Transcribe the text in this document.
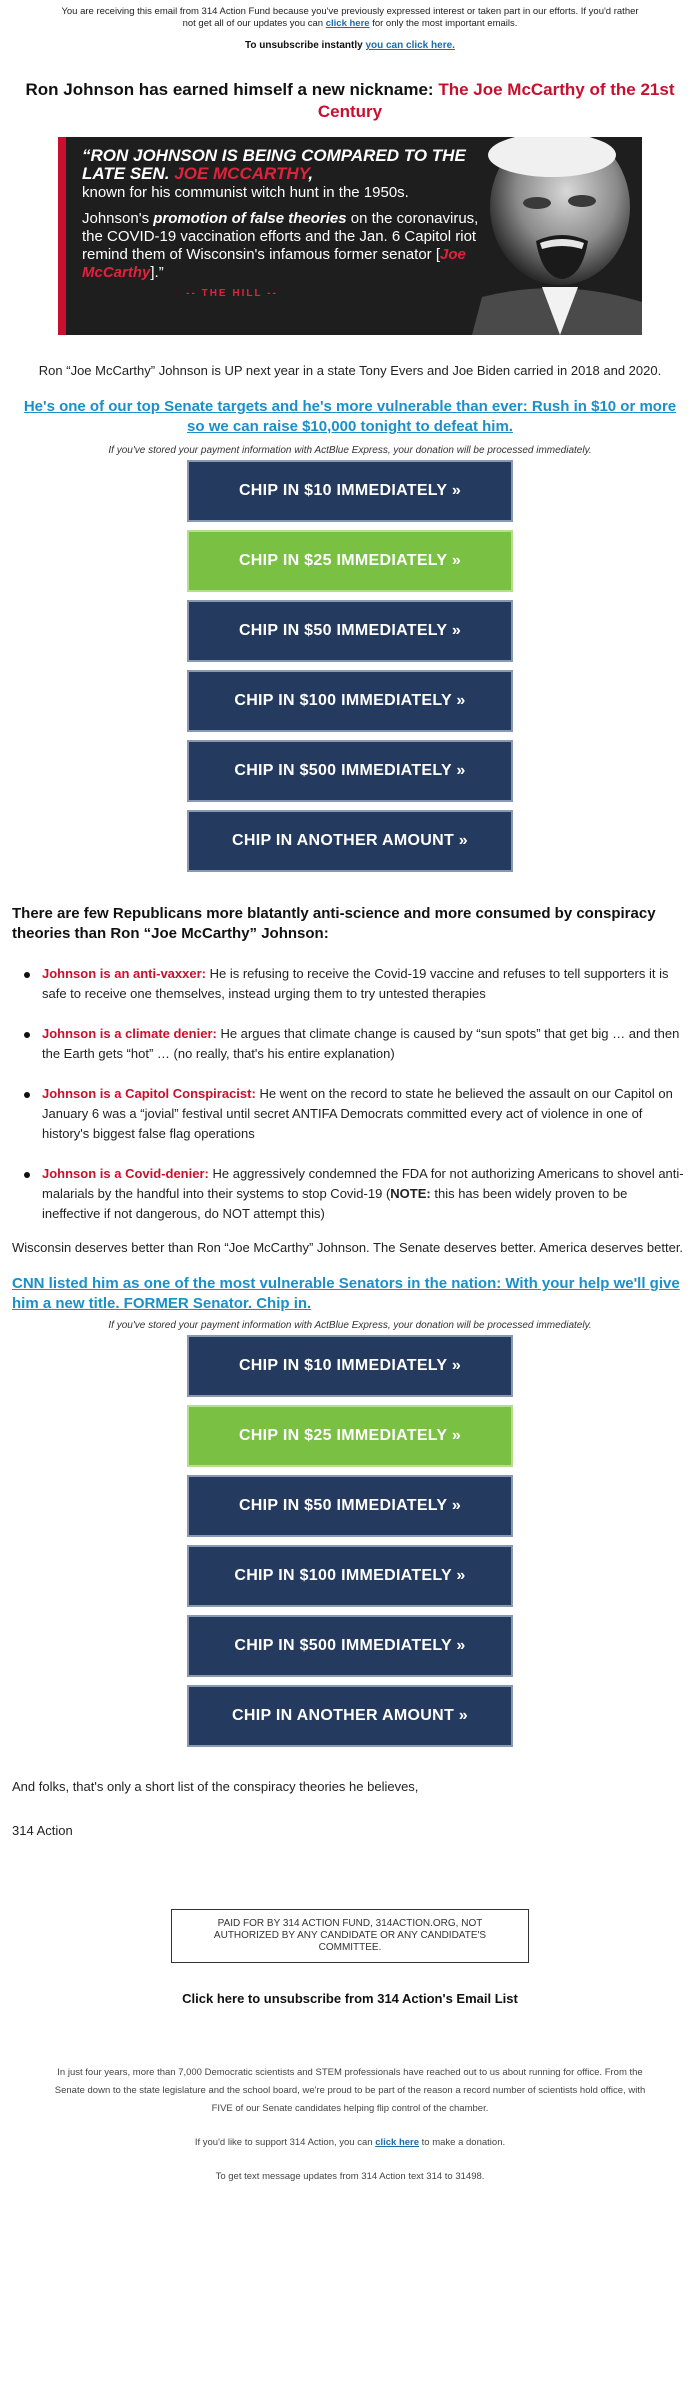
You are receiving this email from 314 Action Fund because you've previously expressed interest or taken part in our efforts. If you'd rather not get all of our updates you can click here for only the most important emails.
To unsubscribe instantly you can click here.
Ron Johnson has earned himself a new nickname: The Joe McCarthy of the 21st Century
“RON JOHNSON IS BEING COMPARED TO THE LATE SEN. JOE MCCARTHY,
known for his communist witch hunt in the 1950s.
Johnson's promotion of false theories on the coronavirus, the COVID-19 vaccination efforts and the Jan. 6 Capitol riot remind them of Wisconsin's infamous former senator [Joe McCarthy].”
-- THE HILL --
Ron “Joe McCarthy” Johnson is UP next year in a state Tony Evers and Joe Biden carried in 2018 and 2020.
He's one of our top Senate targets and he's more vulnerable than ever: Rush in $10 or more so we can raise $10,000 tonight to defeat him.
If you've stored your payment information with ActBlue Express, your donation will be processed immediately.
CHIP IN $10 IMMEDIATELY »
CHIP IN $25 IMMEDIATELY »
CHIP IN $50 IMMEDIATELY »
CHIP IN $100 IMMEDIATELY »
CHIP IN $500 IMMEDIATELY »
CHIP IN ANOTHER AMOUNT »
There are few Republicans more blatantly anti-science and more consumed by conspiracy theories than Ron “Joe McCarthy” Johnson:
Johnson is an anti-vaxxer: He is refusing to receive the Covid-19 vaccine and refuses to tell supporters it is safe to receive one themselves, instead urging them to try untested therapies
Johnson is a climate denier: He argues that climate change is caused by “sun spots” that get big … and then the Earth gets “hot” … (no really, that's his entire explanation)
Johnson is a Capitol Conspiracist: He went on the record to state he believed the assault on our Capitol on January 6 was a “jovial” festival until secret ANTIFA Democrats committed every act of violence in one of history's biggest false flag operations
Johnson is a Covid-denier: He aggressively condemned the FDA for not authorizing Americans to shovel anti-malarials by the handful into their systems to stop Covid-19 (NOTE: this has been widely proven to be ineffective if not dangerous, do NOT attempt this)
Wisconsin deserves better than Ron “Joe McCarthy” Johnson. The Senate deserves better. America deserves better.
CNN listed him as one of the most vulnerable Senators in the nation: With your help we'll give him a new title. FORMER Senator. Chip in.
If you've stored your payment information with ActBlue Express, your donation will be processed immediately.
CHIP IN $10 IMMEDIATELY »
CHIP IN $25 IMMEDIATELY »
CHIP IN $50 IMMEDIATELY »
CHIP IN $100 IMMEDIATELY »
CHIP IN $500 IMMEDIATELY »
CHIP IN ANOTHER AMOUNT »
And folks, that's only a short list of the conspiracy theories he believes,
314 Action
PAID FOR BY 314 ACTION FUND, 314ACTION.ORG, NOT AUTHORIZED BY ANY CANDIDATE OR ANY CANDIDATE'S COMMITTEE.
Click here to unsubscribe from 314 Action's Email List
In just four years, more than 7,000 Democratic scientists and STEM professionals have reached out to us about running for office. From the Senate down to the state legislature and the school board, we're proud to be part of the reason a record number of scientists hold office, with FIVE of our Senate candidates helping flip control of the chamber.
If you'd like to support 314 Action, you can click here to make a donation.
To get text message updates from 314 Action text 314 to 31498.
